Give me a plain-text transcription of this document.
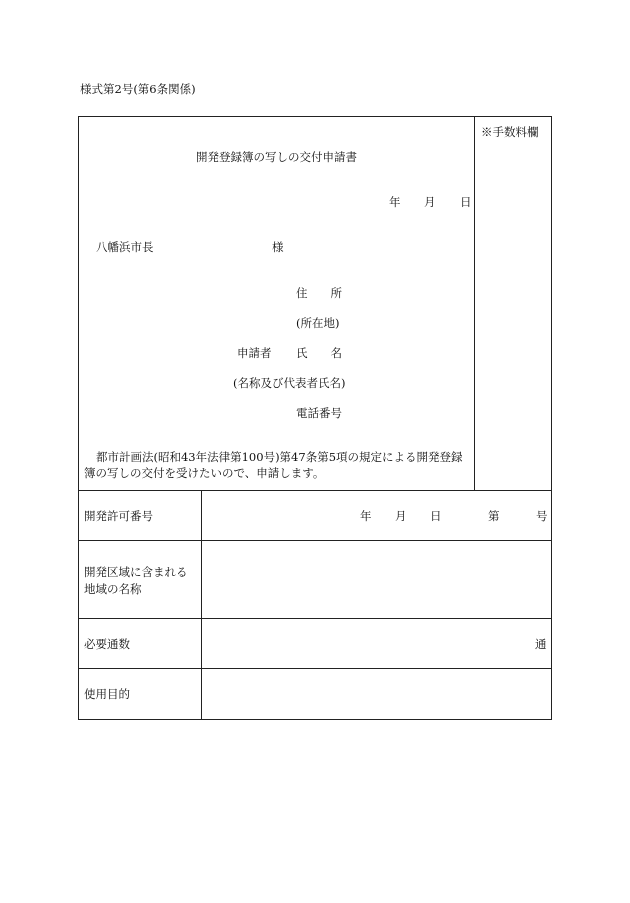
様式第2号(第6条関係)
※手数料欄
開発登録簿の写しの交付申請書
年 月 日
八幡浜市長	様
住　　所
(所在地)
申請者 氏　　名
(名称及び代表者氏名)
電話番号
都市計画法(昭和43年法律第100号)第47条第5項の規定による開発登録簿の写しの交付を受けたいので、申請します。
開発許可番号	年 月 日	第	号
開発区域に含まれる地域の名称
必要通数	通
使用目的
